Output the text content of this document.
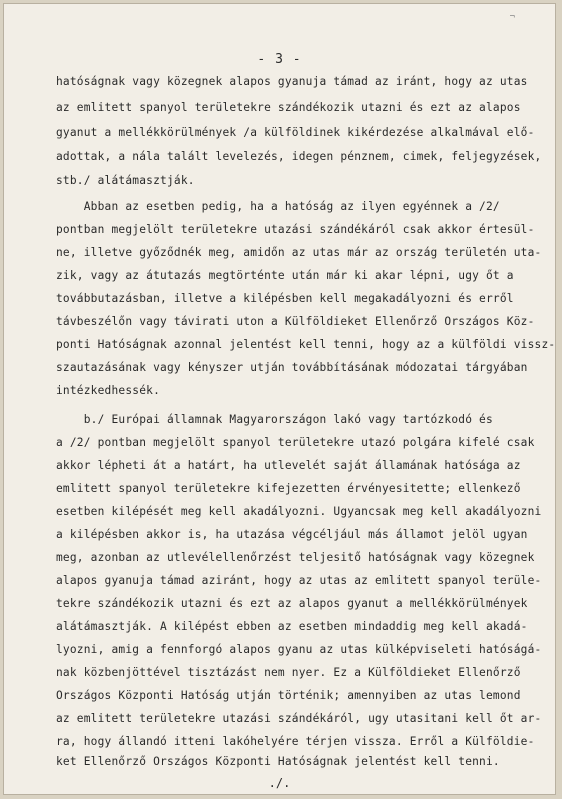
¬
- 3 -
hatóságnak vagy közegnek alapos gyanuja támad az iránt, hogy az utas
az emlitett spanyol területekre szándékozik utazni és ezt az alapos
gyanut a mellékkörülmények /a külföldinek kikérdezése alkalmával elő-
adottak, a nála talált levelezés, idegen pénznem, cimek, feljegyzések,
stb./ alátámasztják.
Abban az esetben pedig, ha a hatóság az ilyen egyénnek a /2/
pontban megjelölt területekre utazási szándékáról csak akkor értesül-
ne, illetve győződnék meg, amidőn az utas már az ország területén uta-
zik, vagy az átutazás megtörténte után már ki akar lépni, ugy őt a
továbbutazásban, illetve a kilépésben kell megakadályozni és erről
távbeszélőn vagy távirati uton a Külföldieket Ellenőrző Országos Köz-
ponti Hatóságnak azonnal jelentést kell tenni, hogy az a külföldi vissz-
szautazásának vagy kényszer utján továbbításának módozatai tárgyában
intézkedhessék.
b./ Európai államnak Magyarországon lakó vagy tartózkodó és
a /2/ pontban megjelölt spanyol területekre utazó polgára kifelé csak
akkor lépheti át a határt, ha utlevelét saját államának hatósága az
emlitett spanyol területekre kifejezetten érvényesitette; ellenkező
esetben kilépését meg kell akadályozni. Ugyancsak meg kell akadályozni
a kilépésben akkor is, ha utazása végcéljául más államot jelöl ugyan
meg, azonban az utlevélellenőrzést teljesitő hatóságnak vagy közegnek
alapos gyanuja támad aziránt, hogy az utas az emlitett spanyol terüle-
tekre szándékozik utazni és ezt az alapos gyanut a mellékkörülmények
alátámasztják. A kilépést ebben az esetben mindaddig meg kell akadá-
lyozni, amig a fennforgó alapos gyanu az utas külképviseleti hatóságá-
nak közbenjöttével tisztázást nem nyer. Ez a Külföldieket Ellenőrző
Országos Központi Hatóság utján történik; amennyiben az utas lemond
az emlitett területekre utazási szándékáról, ugy utasitani kell őt ar-
ra, hogy állandó itteni lakóhelyére térjen vissza. Erről a Külföldie-
ket Ellenőrző Országos Központi Hatóságnak jelentést kell tenni.
./.
